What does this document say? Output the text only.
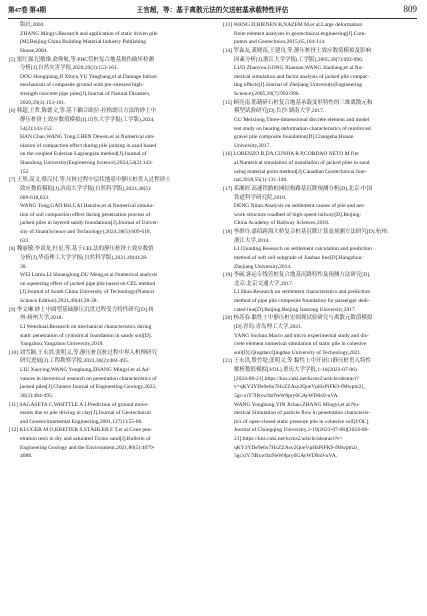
第47卷 第4期	王官超，等：基于离散元法的欠送桩基承载特性评估	809

版社,2004.

ZHANG Mingyi.Research and application of static driven pile

[M].Beijing:China Building Material Industry Publishing

House,2004.

[5] 窦红强,纪敏维,俞仰航,等.PHC管桩复合地基损伤破坏检测

分析[J].自然灾害学报,2020,29(3):153-161.

DOU Hongqiang,JI Xinyu,YU Yanghang,et al.Damage failure

mechanism of composite ground with pre-stressed high-

strength concrete pipe piles[J].Journal of Natural Disasters,

2020,29(3):153-161.

[6] 韩超,王哲,陈德文,等.基于耦合欧拉-拉格朗日方法的砂土中

静压桩挤土效应数值模拟[J].山东大学学报(工学版),2024,

54(2):143-152.

HAN Chao,WANG Tong,CHEN Dewen,et al.Numerical sim-

ulation of compaction effect during pile jacking in sand based

on the coupled Eulerian-Lagrangian method[J].Journal of

Shandong University(Engineering Science),2024,54(2):143-

152.

[7] 王彤,高文,蔡汉付,等.压桩过程中层状地基中静压桩贯入过程挤土

效应数值模拟[J].济南大学学报(自然科学版),2024,38(5):

609-618,633.

WANG Tong,GAO Bei,CAI Hanzhu,et al.Numerical simula-

tion of soil compaction effect during penetration process of

jacked piles in layered sandy foundations[J].Journal of Univer-

sity of Jinan(Science and Technology),2024,38(5):609-618,

633.

[8] 魏丽敏,李双龙,杜星,等.基于CEL法的静压桩挤土效应数值

分析[J].华南理工大学学报(自然科学版),2021,49(4):28-

38.

WEI Limin,LI Shuanglong,DU Meng,et al.Numerical analysis

on squeezing effect of jacked pipe pile based on CEL method

[J].Journal of South China University of Technology(Natural

Science Edition),2021,49(4):28-38.

[9] 李文琳.砂土中圆型基础静压沉贯过程受力特性研究[D].扬

州:扬州大学,2018.

LI Wenshuai.Research on mechanical characteristics during

static penetration of cylindrical foundation in sandy soil[D].

Yangzhou:Yangzhou University,2018.

[10] 刘雪颖,王永洪,张明义,等.静压桩沉桩过程中界入机理研究

研究进展[J].工程勘察学报,2022,30(2):484-495.

LIU Xueying,WANG Yonghong,ZHANG Mingyi,et al.Ad-

vances in theoretical research on penetration characteristics of

jacked piles[J].Chinese Journal of Engineering Geology,2022,

30(2):484-495.

[11] SAGASETA C,WHITTLE A J.Prediction of ground move-

ments due to pile driving in clay[J].Journal of Geotechnical

and Geoenvironmental Engineering,2001,127(1):55-66.

[12] KLUGER M O,KREITER S,STÄHLER F T,et al.Cone pen-

etration tests in dry and saturated Ticino sand[J].Bulletin of

Engineering Geology and the Environment,2021,80(5):4079-

4088.

[13] WANG D,BIENEN B,NAZEM M,et al.Large deformation

finite element analyses in geotechnical engineering[J].Com-

puters and Geotechnics,2015,65,104-114.

[14] 罗淼友,龚晓南,王建良,等.静压桩挤土效应数值模拟及影响

因素分析[J].浙江大学学报(工学版),2005,39(7):992-996.

LUO Zhaoyou,GONG Xiaonan,WANG Jianliang,et al.Nu-

merical simulation and factor analysis of jacked pile compac-

ting effects[J].Journal of Zhejiang University(Engineering

Science),2005,39(7):992-996.

[15] 顾亮南.筋籍碎石桩复合地基承载变形特性的三维离散元和

模型试验研究[D].长沙:湖南大学,2017.

GU Meixiong.Three-dimensional discrete element and model

test study on bearing deformation characteristics of reinforced

gravel pile composite foundation[D].Changsha:Hunan

University,2017.

[16] LORENZO R,DA CUNHA R P,CORDAO NETO M P,et

al.Numerical simulation of installation of jacked piles in sand

using material point method[J].Canadian Geotechnical Jour-

nal,2018,55(1):131-146.

[17] 邓湘婷.高速铁路桩网结构路基沉降预测分析[D].北京:中国

铁道科学研究院,2018.

DENG Nitao.Analysis on settlement causes of pile and net-

work structure roadbed of high-speed railway[D].Beijing:

China Academy of Railway Sciences,2018.

[18] 李群玲.嘉绍跨海大桥复合桩基沉降计算及预测方法研究[D].杭州:

浙江大学,2014.

LI Chunling.Research on settlement calculation and prediction

method of soft soil subgrade of Jiashao line[D].Hangzhou:

Zhejiang University,2014.

[19] 李硕.客运专线管桩复合地基沉降特性及预测方法研究[D].

北京:北京交通大学,2017.

LI Shuo.Research on settlement characteristics and prediction

method of pipe pile composite foundation for passenger dedi-

cated line[D].Beijing:Beijing Jiaotong University,2017.

[20] 杨苏春.黏性土中静压桩宏细观试验研究与离散元数值模拟

[D].青岛:青岛理工大学,2021.

YANG Suchun.Macro and micro experimental study and dis-

crete element numerical simulation of static pile in cohesive

soil[D].Qingdao:Qingdao University of Technology,2021.

[21] 王永洪,殷竹堤,张明义,等.黏性土中开闭口静压桩贯入特性

解析数值模拟[J/OL].重庆大学学报,1-10(2023-07-06)

[2024-08-21].https://kns.cnki.net/kcms2/article/abstract?

v=qKY3YDe9e6o7HxZZAsy2QoeVpHxPiFK9-fMwpm2i_

5gc-xiY7IRxw9ztNeW8pry6GAyWD0n9-uVA.

WANG Yonghong,YIN Jichao,ZHANG Mingyi,et al.Nu-

merical Simulation of particle flow in penetration characteris-

tics of open-closed static pressure pile in cohesive soil[J/OL].

Journal of Chongqing University,1-10(2023-07-06)[2024-08-

21].https://kns.cnki.net/kcms2/article/abstract?v=

qKY3YDe9e6o7HxZZAsy2QoeVpHxPiFK9-fMwpm2i_

5gcxiY7IRxw9ztNeW8pry6GAyWD0n9-uVA.
